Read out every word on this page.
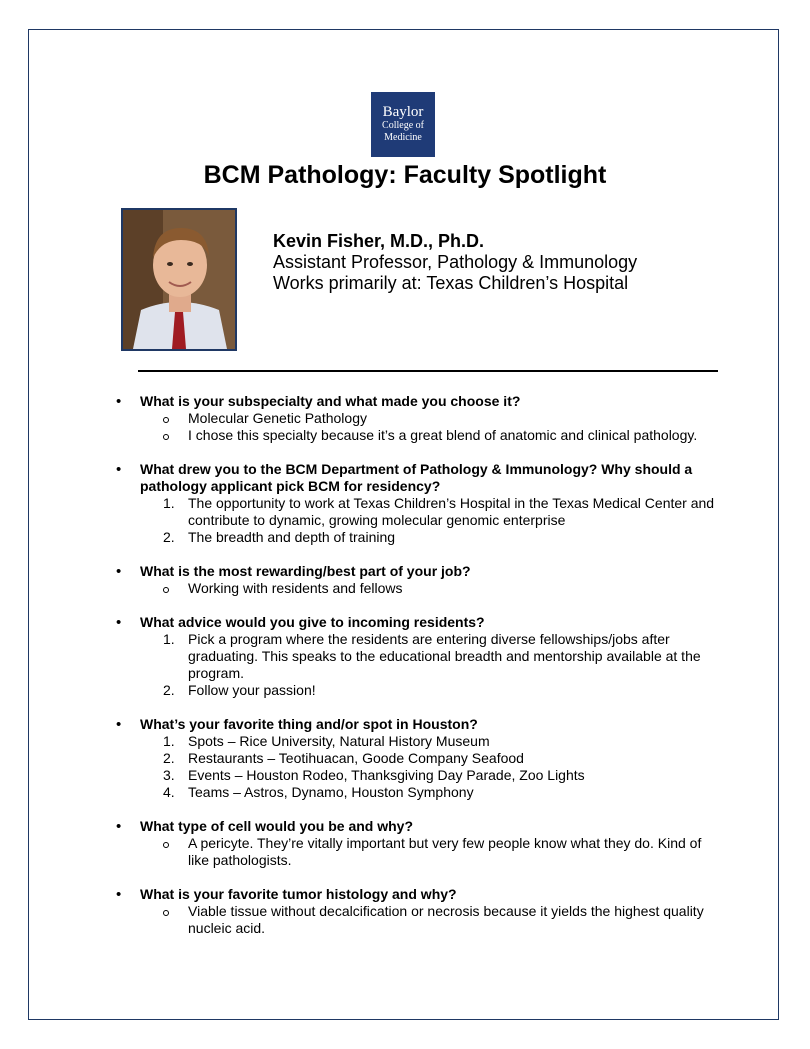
Baylor
College of
Medicine
BCM Pathology: Faculty Spotlight
Kevin Fisher, M.D., Ph.D.
Assistant Professor, Pathology & Immunology
Works primarily at: Texas Children’s Hospital
• What is your subspecialty and what made you choose it?
Molecular Genetic Pathology
I chose this specialty because it’s a great blend of anatomic and clinical pathology.
• What drew you to the BCM Department of Pathology & Immunology? Why should a pathology applicant pick BCM for residency?
1. The opportunity to work at Texas Children’s Hospital in the Texas Medical Center and contribute to dynamic, growing molecular genomic enterprise
2. The breadth and depth of training
• What is the most rewarding/best part of your job?
Working with residents and fellows
• What advice would you give to incoming residents?
1. Pick a program where the residents are entering diverse fellowships/jobs after graduating. This speaks to the educational breadth and mentorship available at the program.
2. Follow your passion!
• What’s your favorite thing and/or spot in Houston?
1. Spots – Rice University, Natural History Museum
2. Restaurants – Teotihuacan, Goode Company Seafood
3. Events – Houston Rodeo, Thanksgiving Day Parade, Zoo Lights
4. Teams – Astros, Dynamo, Houston Symphony
• What type of cell would you be and why?
A pericyte. They’re vitally important but very few people know what they do. Kind of like pathologists.
• What is your favorite tumor histology and why?
Viable tissue without decalcification or necrosis because it yields the highest quality nucleic acid.
